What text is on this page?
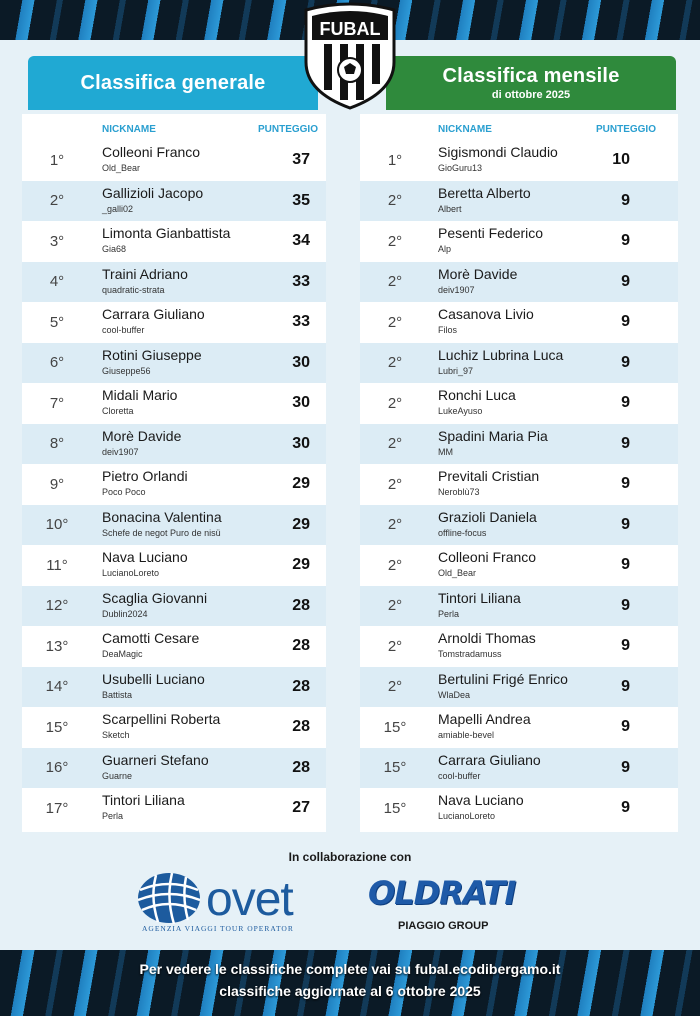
Classifica generale	Classifica mensile
di ottobre 2025
FUBAL
NICKNAME	PUNTEGGIO
1°	Colleoni Franco
Old_Bear	37
2°	Gallizioli Jacopo
_galli02	35
3°	Limonta Gianbattista
Gia68	34
4°	Traini Adriano
quadratic-strata	33
5°	Carrara Giuliano
cool-buffer	33
6°	Rotini Giuseppe
Giuseppe56	30
7°	Midali Mario
Cloretta	30
8°	Morè Davide
deiv1907	30
9°	Pietro Orlandi
Poco Poco	29
10°	Bonacina Valentina
Schefe de negot Puro de nisü	29
11°	Nava Luciano
LucianoLoreto	29
12°	Scaglia Giovanni
Dublin2024	28
13°	Camotti Cesare
DeaMagic	28
14°	Usubelli Luciano
Battista	28
15°	Scarpellini Roberta
Sketch	28
16°	Guarneri Stefano
Guarne	28
17°	Tintori Liliana
Perla	27
NICKNAME	PUNTEGGIO
1°	Sigismondi Claudio
GioGuru13	10
2°	Beretta Alberto
Albert	9
2°	Pesenti Federico
Alp	9
2°	Morè Davide
deiv1907	9
2°	Casanova Livio
Filos	9
2°	Luchiz Lubrina Luca
Lubri_97	9
2°	Ronchi Luca
LukeAyuso	9
2°	Spadini Maria Pia
MM	9
2°	Previtali Cristian
Neroblù73	9
2°	Grazioli Daniela
offline-focus	9
2°	Colleoni Franco
Old_Bear	9
2°	Tintori Liliana
Perla	9
2°	Arnoldi Thomas
Tomstradamuss	9
2°	Bertulini Frigé Enrico
WlaDea	9
15°	Mapelli Andrea
amiable-bevel	9
15°	Carrara Giuliano
cool-buffer	9
15°	Nava Luciano
LucianoLoreto	9
In collaborazione con
ovet
AGENZIA VIAGGI TOUR OPERATOR
OLDRATI
PIAGGIO GROUP
Per vedere le classifiche complete vai su fubal.ecodibergamo.it
classifiche aggiornate al 6 ottobre 2025
